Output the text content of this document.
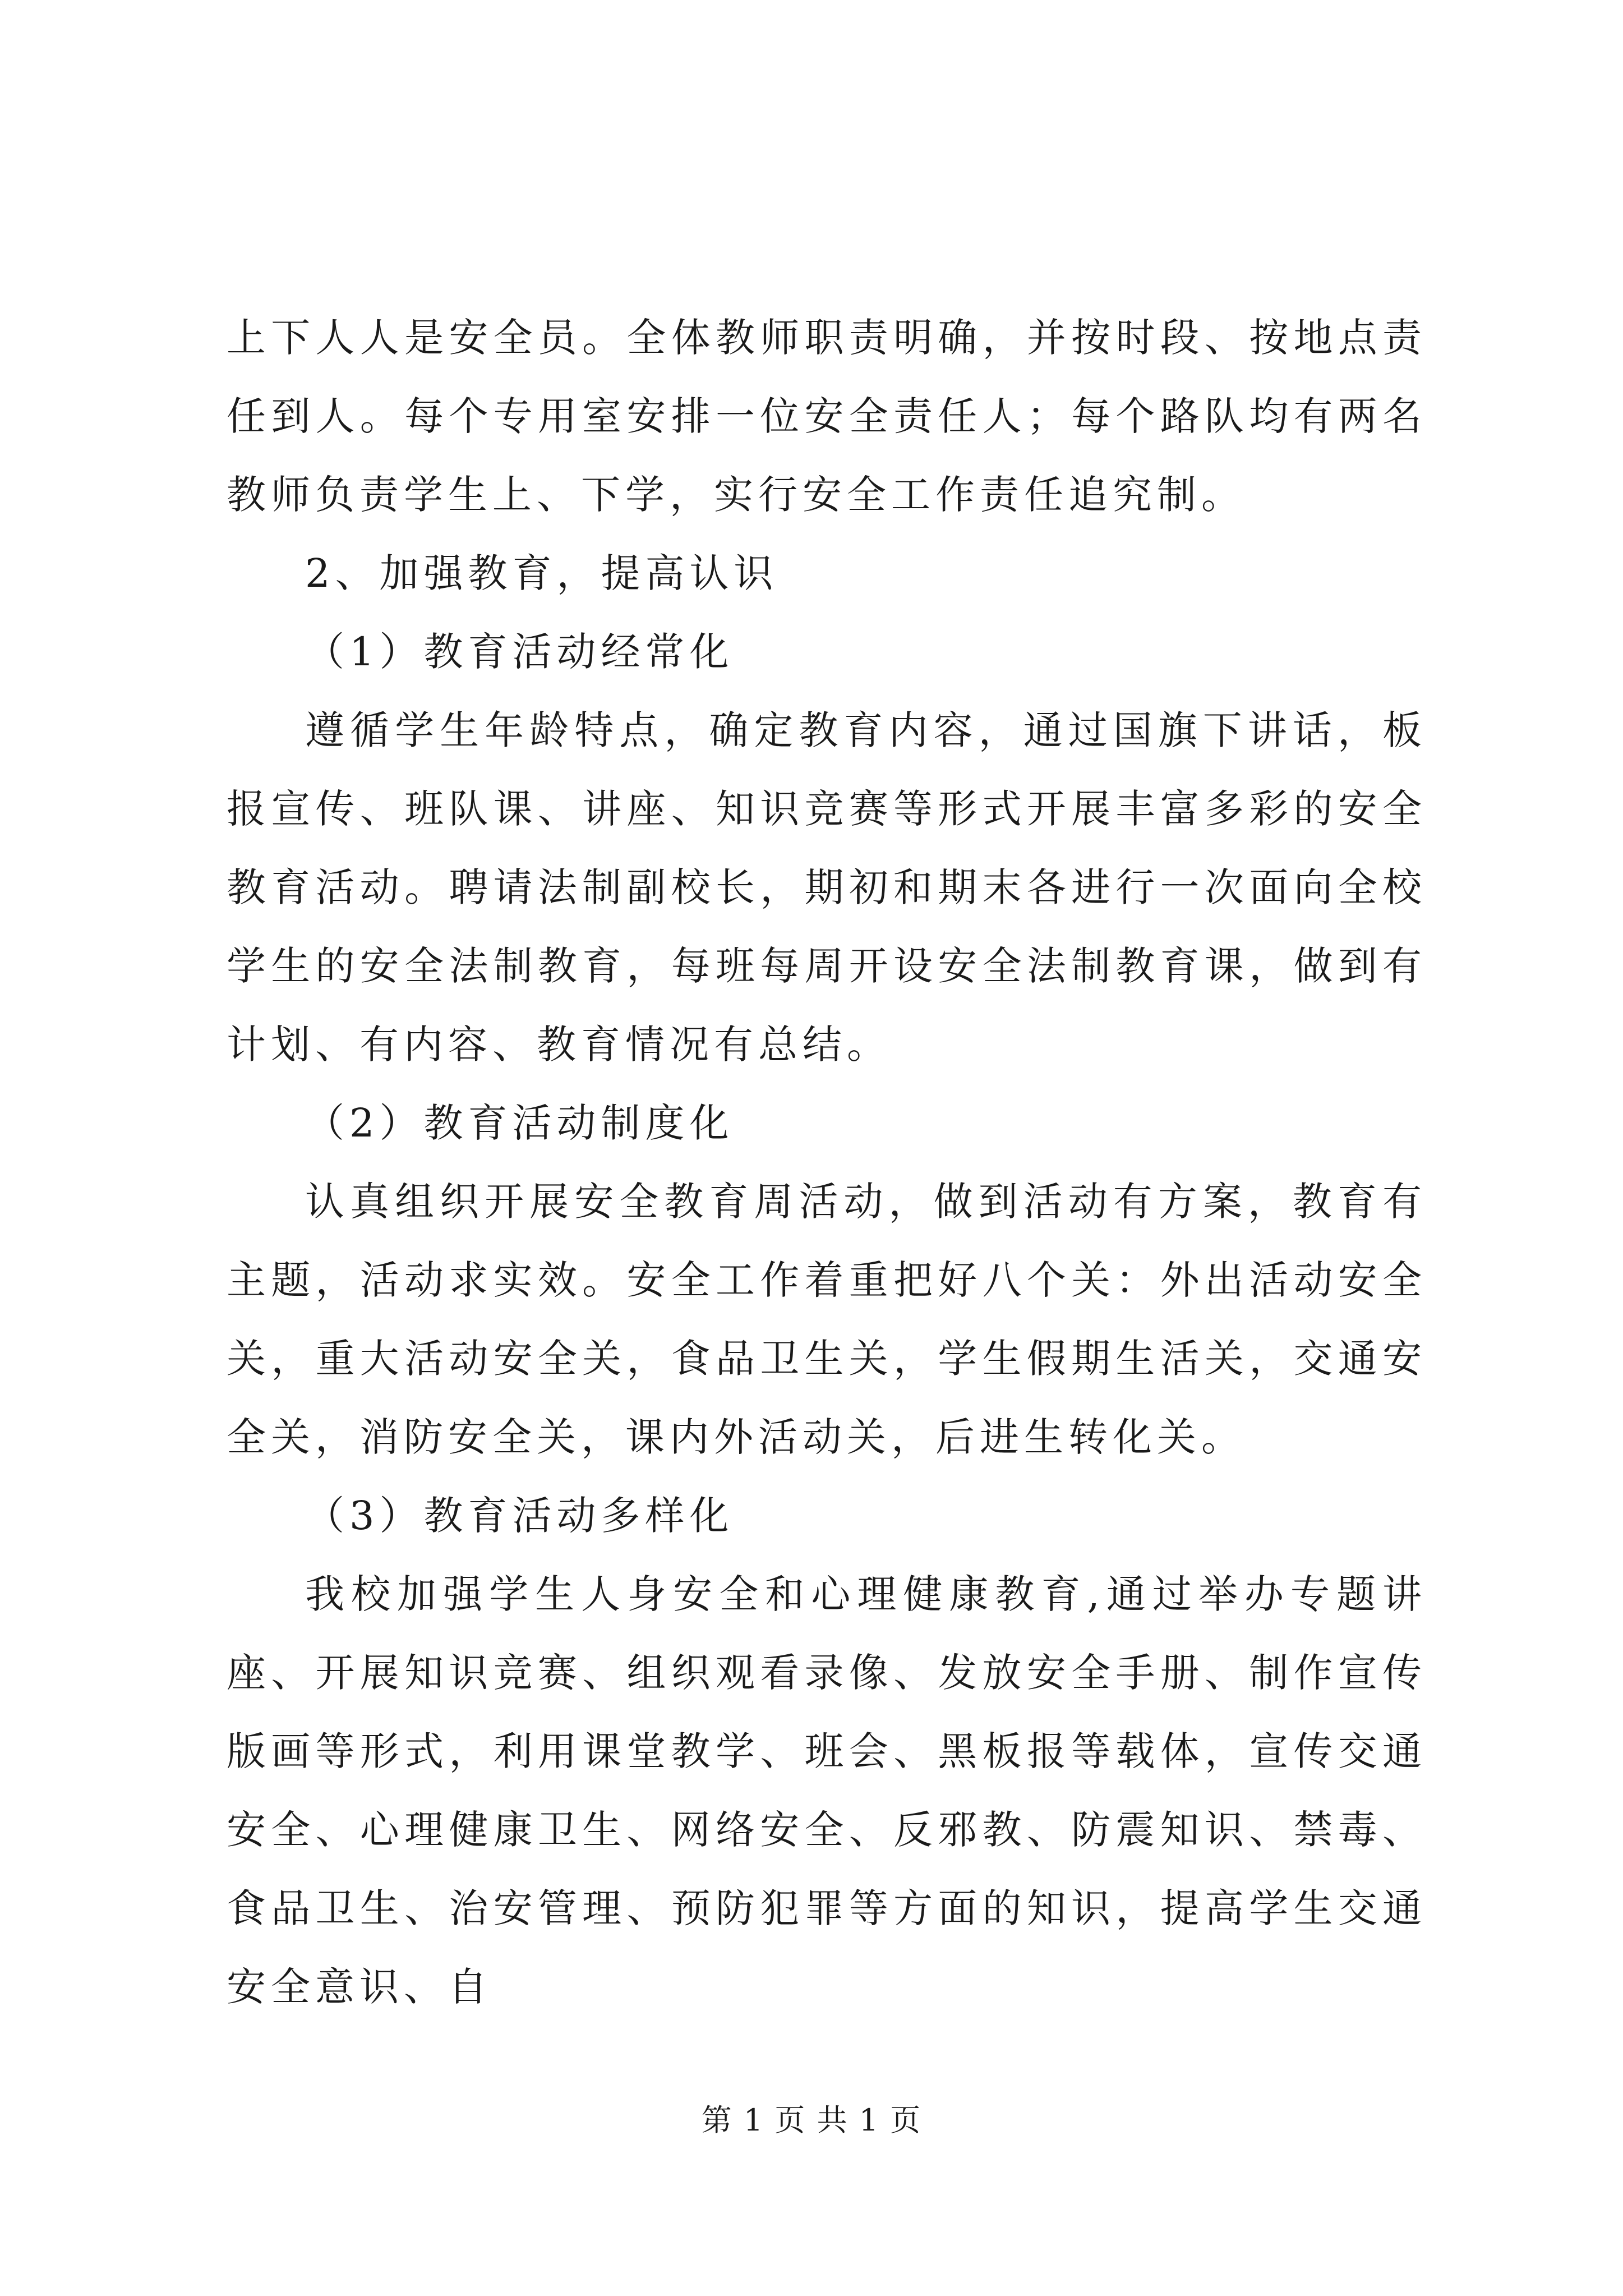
上下人人是安全员。全体教师职责明确，并按时段、按地点责任到人。每个专用室安排一位安全责任人；每个路队均有两名教师负责学生上、下学，实行安全工作责任追究制。

2、加强教育，提高认识

（1）教育活动经常化

遵循学生年龄特点，确定教育内容，通过国旗下讲话，板报宣传、班队课、讲座、知识竞赛等形式开展丰富多彩的安全教育活动。聘请法制副校长，期初和期末各进行一次面向全校学生的安全法制教育，每班每周开设安全法制教育课，做到有计划、有内容、教育情况有总结。

（2）教育活动制度化

认真组织开展安全教育周活动，做到活动有方案，教育有主题，活动求实效。安全工作着重把好八个关：外出活动安全关，重大活动安全关，食品卫生关，学生假期生活关，交通安全关，消防安全关，课内外活动关，后进生转化关。

（3）教育活动多样化

我校加强学生人身安全和心理健康教育,通过举办专题讲座、开展知识竞赛、组织观看录像、发放安全手册、制作宣传版画等形式，利用课堂教学、班会、黑板报等载体，宣传交通安全、心理健康卫生、网络安全、反邪教、防震知识、禁毒、食品卫生、治安管理、预防犯罪等方面的知识，提高学生交通安全意识、自

第 1 页 共 1 页
